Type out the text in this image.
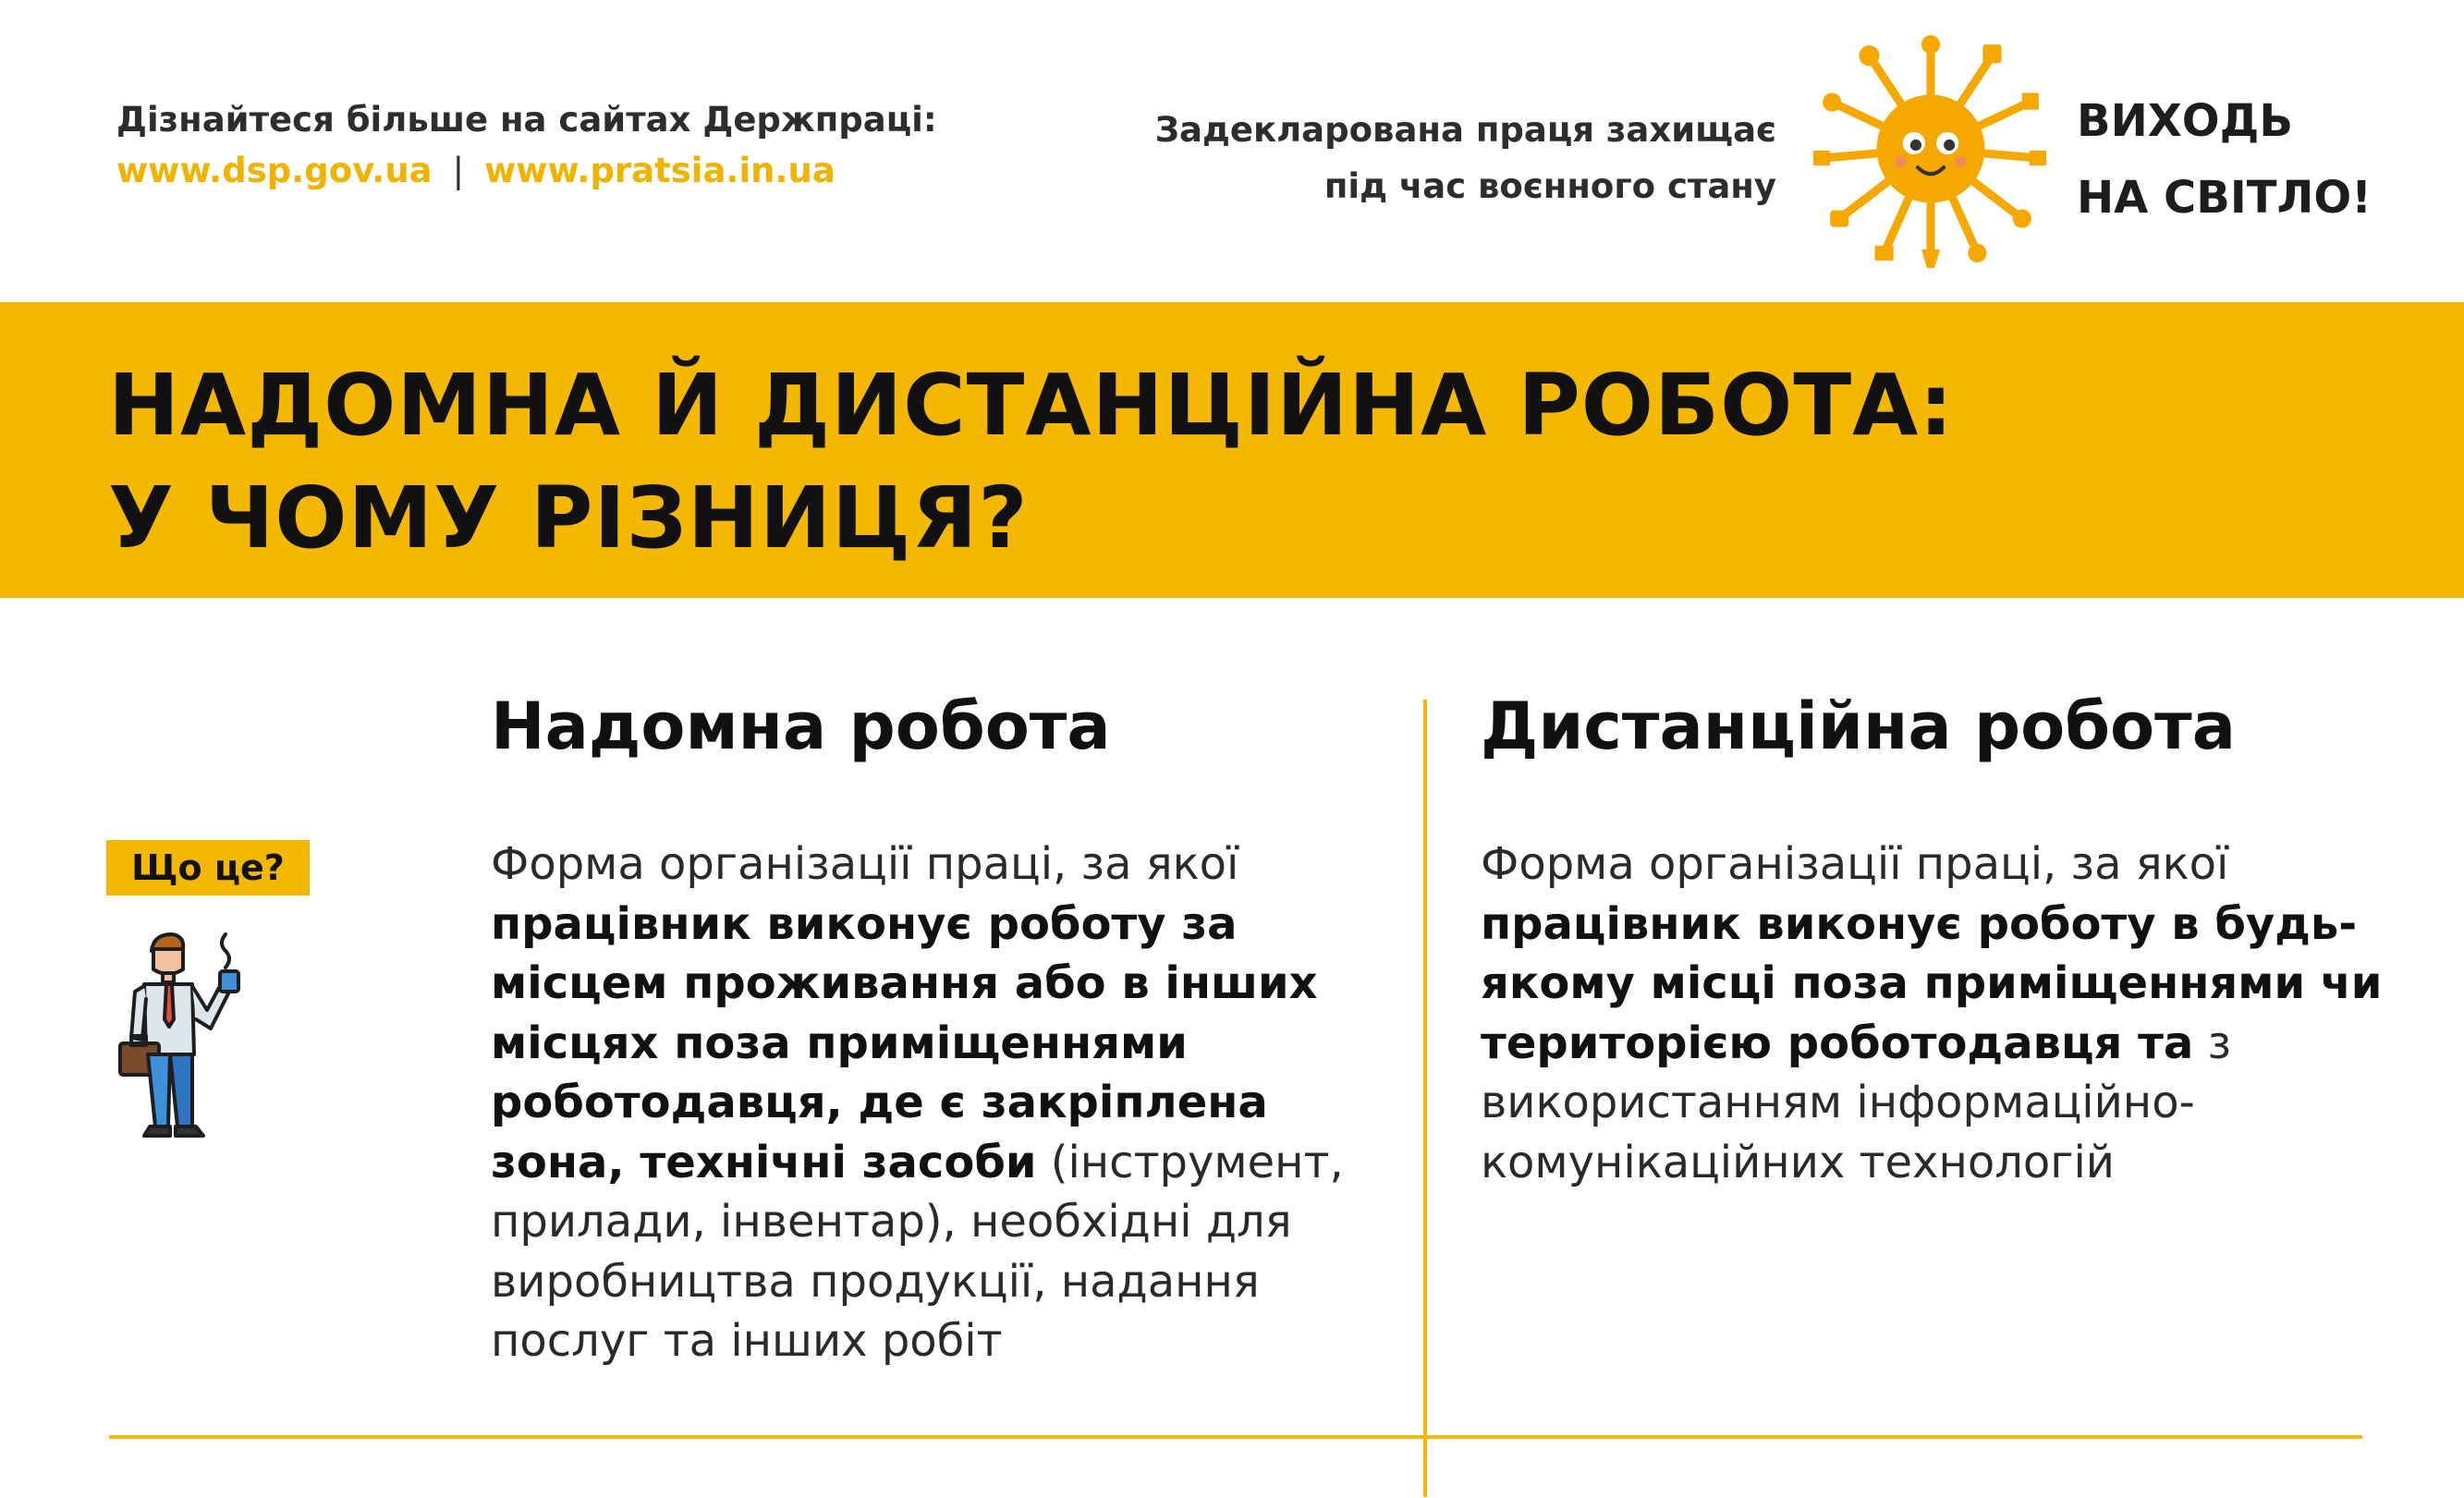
Дізнайтеся більше на сайтах Держпраці:
www.dsp.gov.ua | www.pratsia.in.ua
Задекларована праця захищає
під час воєнного стану
ВИХОДЬ
НА СВІТЛО!
НАДОМНА Й ДИСТАНЦІЙНА РОБОТА:
У ЧОМУ РІЗНИЦЯ?
Надомна робота	Дистанційна робота
Що це?	Форма організації праці, за якої працівник виконує роботу за місцем проживання або в інших місцях поза приміщеннями роботодавця, де є закріплена зона, технічні засоби (інструмент, прилади, інвентар), необхідні для виробництва продукції, надання послуг та інших робіт
Форма організації праці, за якої працівник виконує роботу в будь-якому місці поза приміщеннями чи територією роботодавця та з використанням інформаційно-комунікаційних технологій
